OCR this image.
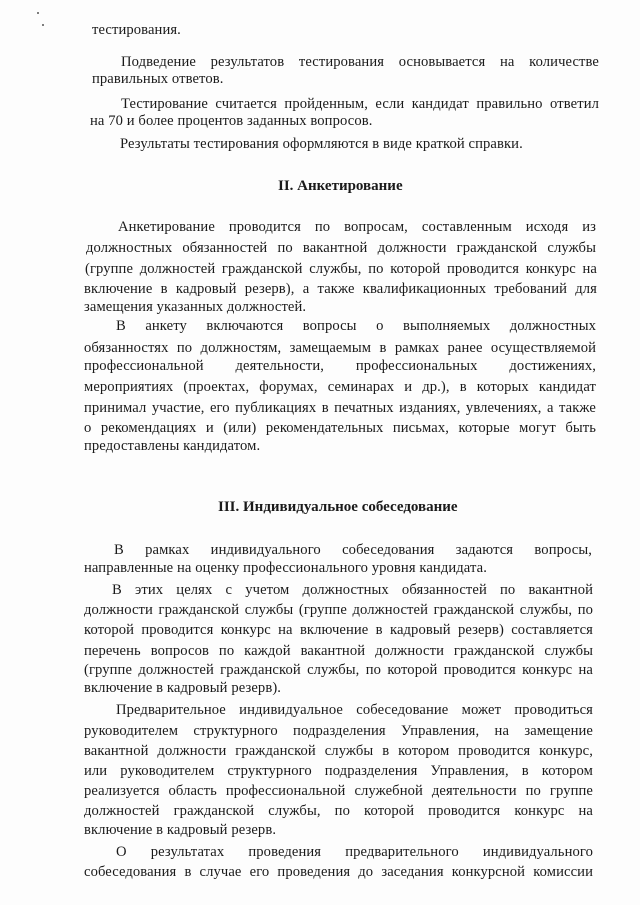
тестирования.
Подведение результатов тестирования основывается на количестве
правильных ответов.
Тестирование считается пройденным, если кандидат правильно ответил
на 70 и более процентов заданных вопросов.
Результаты тестирования оформляются в виде краткой справки.
II. Анкетирование
Анкетирование проводится по вопросам, составленным исходя из
должностных обязанностей по вакантной должности гражданской службы
(группе должностей гражданской службы, по которой проводится конкурс на
включение в кадровый резерв), а также квалификационных требований для
замещения указанных должностей.
В анкету включаются вопросы о выполняемых должностных
обязанностях по должностям, замещаемым в рамках ранее осуществляемой
профессиональной деятельности, профессиональных достижениях,
мероприятиях (проектах, форумах, семинарах и др.), в которых кандидат
принимал участие, его публикациях в печатных изданиях, увлечениях, а также
о рекомендациях и (или) рекомендательных письмах, которые могут быть
предоставлены кандидатом.
III. Индивидуальное собеседование
В рамках индивидуального собеседования задаются вопросы,
направленные на оценку профессионального уровня кандидата.
В этих целях с учетом должностных обязанностей по вакантной
должности гражданской службы (группе должностей гражданской службы, по
которой проводится конкурс на включение в кадровый резерв) составляется
перечень вопросов по каждой вакантной должности гражданской службы
(группе должностей гражданской службы, по которой проводится конкурс на
включение в кадровый резерв).
Предварительное индивидуальное собеседование может проводиться
руководителем структурного подразделения Управления, на замещение
вакантной должности гражданской службы в котором проводится конкурс,
или руководителем структурного подразделения Управления, в котором
реализуется область профессиональной служебной деятельности по группе
должностей гражданской службы, по которой проводится конкурс на
включение в кадровый резерв.
О результатах проведения предварительного индивидуального
собеседования в случае его проведения до заседания конкурсной комиссии
